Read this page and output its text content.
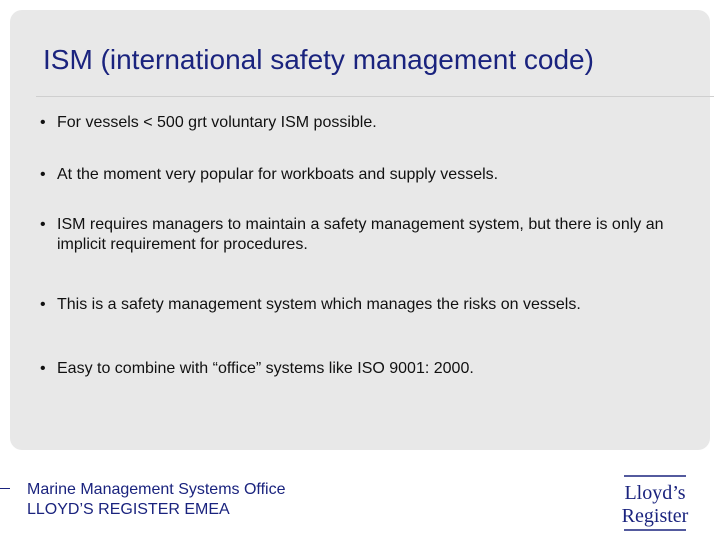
ISM (international safety management code)
• For vessels < 500 grt voluntary ISM possible.
• At the moment very popular for workboats and supply vessels.
• ISM requires managers to maintain a safety management system, but there is only an implicit requirement for procedures.
• This is a safety management system which manages the risks on vessels.
• Easy to combine with “office” systems like ISO 9001: 2000.
Marine Management Systems Office
LLOYD’S REGISTER EMEA
Lloyd’s
Register
